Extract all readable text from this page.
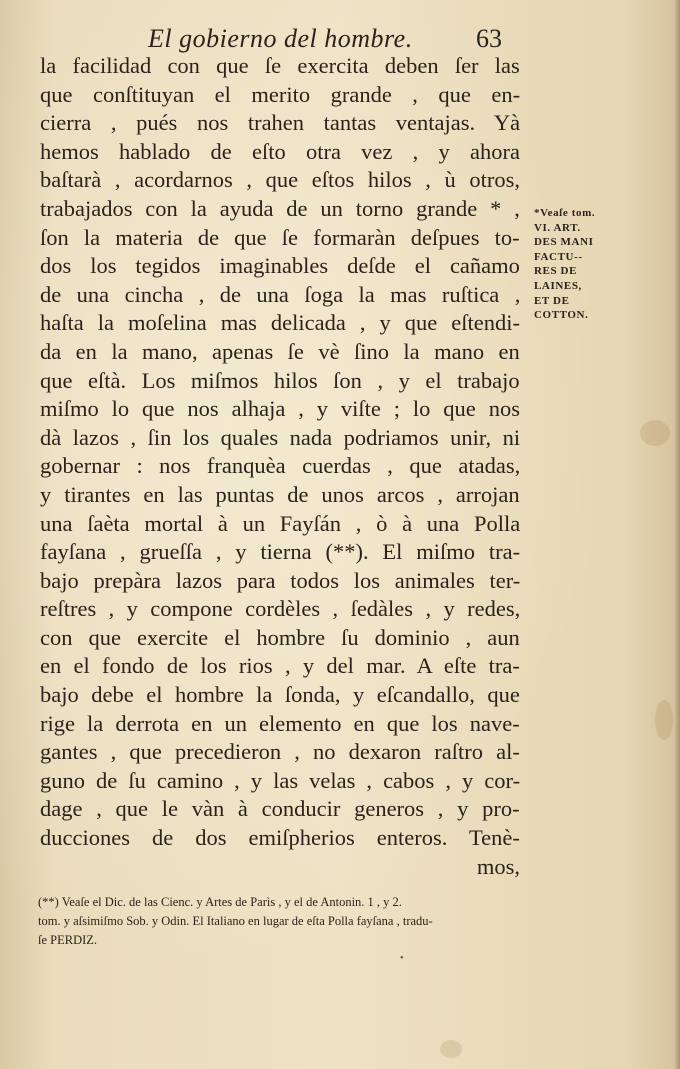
El gobierno del hombre. 63
la facilidad con que ſe exercita deben ſer las
que conſtituyan el merito grande , que en-
cierra , pués nos trahen tantas ventajas. Yà
hemos hablado de eſto otra vez , y ahora
baſtarà , acordarnos , que eſtos hilos , ù otros,
trabajados con la ayuda de un torno grande * ,
ſon la materia de que ſe formaràn deſpues to-
dos los tegidos imaginables deſde el cañamo
de una cincha , de una ſoga la mas ruſtica ,
haſta la moſelina mas delicada , y que eſtendi-
da en la mano, apenas ſe vè ſino la mano en
que eſtà. Los miſmos hilos ſon , y el trabajo
miſmo lo que nos alhaja , y viſte ; lo que nos
dà lazos , ſin los quales nada podriamos unir, ni
gobernar : nos franquèa cuerdas , que atadas,
y tirantes en las puntas de unos arcos , arrojan
una ſaèta mortal à un Fayſán , ò à una Polla
fayſana , grueſſa , y tierna (**). El miſmo tra-
bajo prepàra lazos para todos los animales ter-
reſtres , y compone cordèles , ſedàles , y redes,
con que exercite el hombre ſu dominio , aun
en el fondo de los rios , y del mar. A eſte tra-
bajo debe el hombre la ſonda, y eſcandallo, que
rige la derrota en un elemento en que los nave-
gantes , que precedieron , no dexaron raſtro al-
guno de ſu camino , y las velas , cabos , y cor-
dage , que le vàn à conducir generos , y pro-
ducciones de dos emiſpherios enteros. Tenè-
mos,
*Veaſe tom.
VI. ART.
DES MANI
FACTU--
RES DE
LAINES,
ET DE
COTTON.
(**) Veaſe el Dic. de las Cienc. y Artes de Parìs , y el de Antonin. 1 , y 2.
tom. y aſsimiſmo Sob. y Odin. El Italiano en lugar de eſta Polla fayſana , tradu-
ſe PERDIZ.
•
